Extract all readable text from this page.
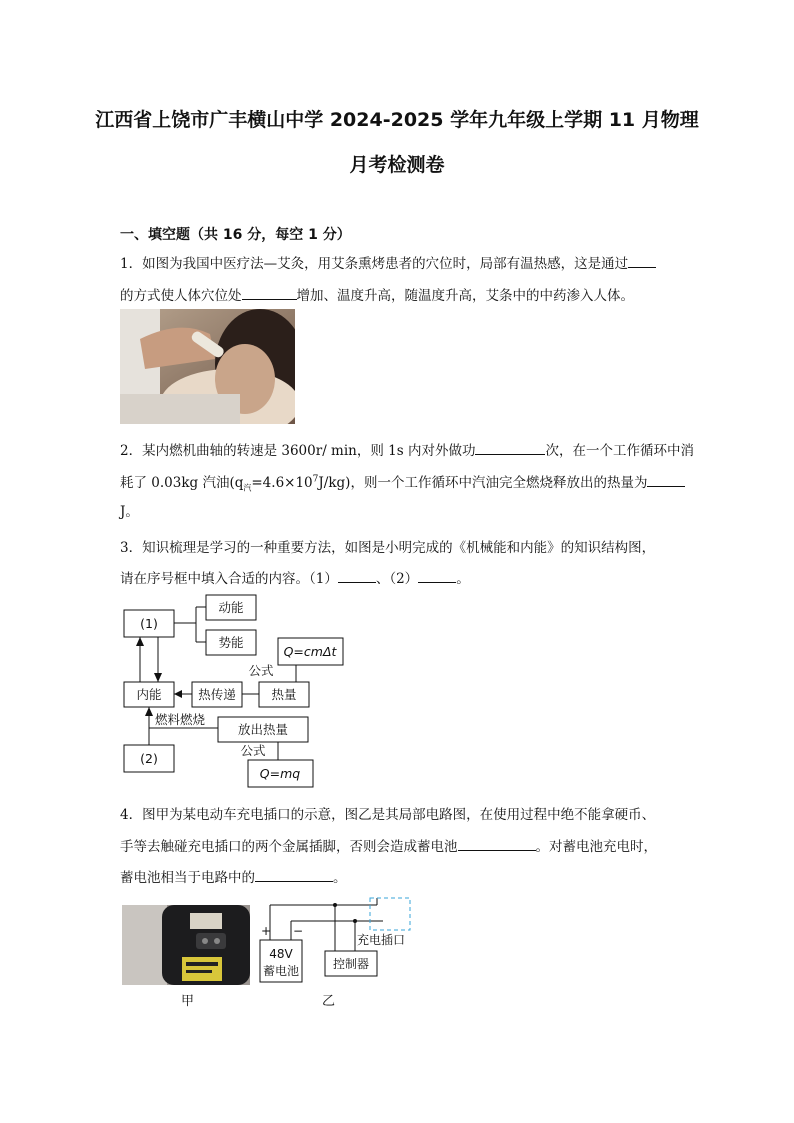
江西省上饶市广丰横山中学 2024-2025 学年九年级上学期 11 月物理
月考检测卷
一、填空题（共 16 分，每空 1 分）
1．如图为我国中医疗法—艾灸，用艾条熏烤患者的穴位时，局部有温热感，这是通过
的方式使人体穴位处	增加、温度升高，随温度升高，艾条中的中药渗入人体。
2．某内燃机曲轴的转速是 3600r/ min，则 1s 内对外做功	次，在一个工作循环中消
耗了 0.03kg 汽油$(q_汽=4.6\times 10^7J/kg)$，则一个工作循环中汽油完全燃烧释放出的热量为
J。
3．知识梳理是学习的一种重要方法，如图是小明完成的《机械能和内能》的知识结构图，
请在序号框中填入合适的内容。（1）	、（2）	。
(1)
动能
势能
Q=cmΔt
公式
内能	热传递	热量
燃料燃烧
放出热量
公式
(2)
Q=mq
4．图甲为某电动车充电插口的示意，图乙是其局部电路图，在使用过程中绝不能拿硬币、
手等去触碰充电插口的两个金属插脚，否则会造成蓄电池	。对蓄电池充电时，
蓄电池相当于电路中的	。
甲
+ −
48V
蓄电池	控制器
充电插口
乙
